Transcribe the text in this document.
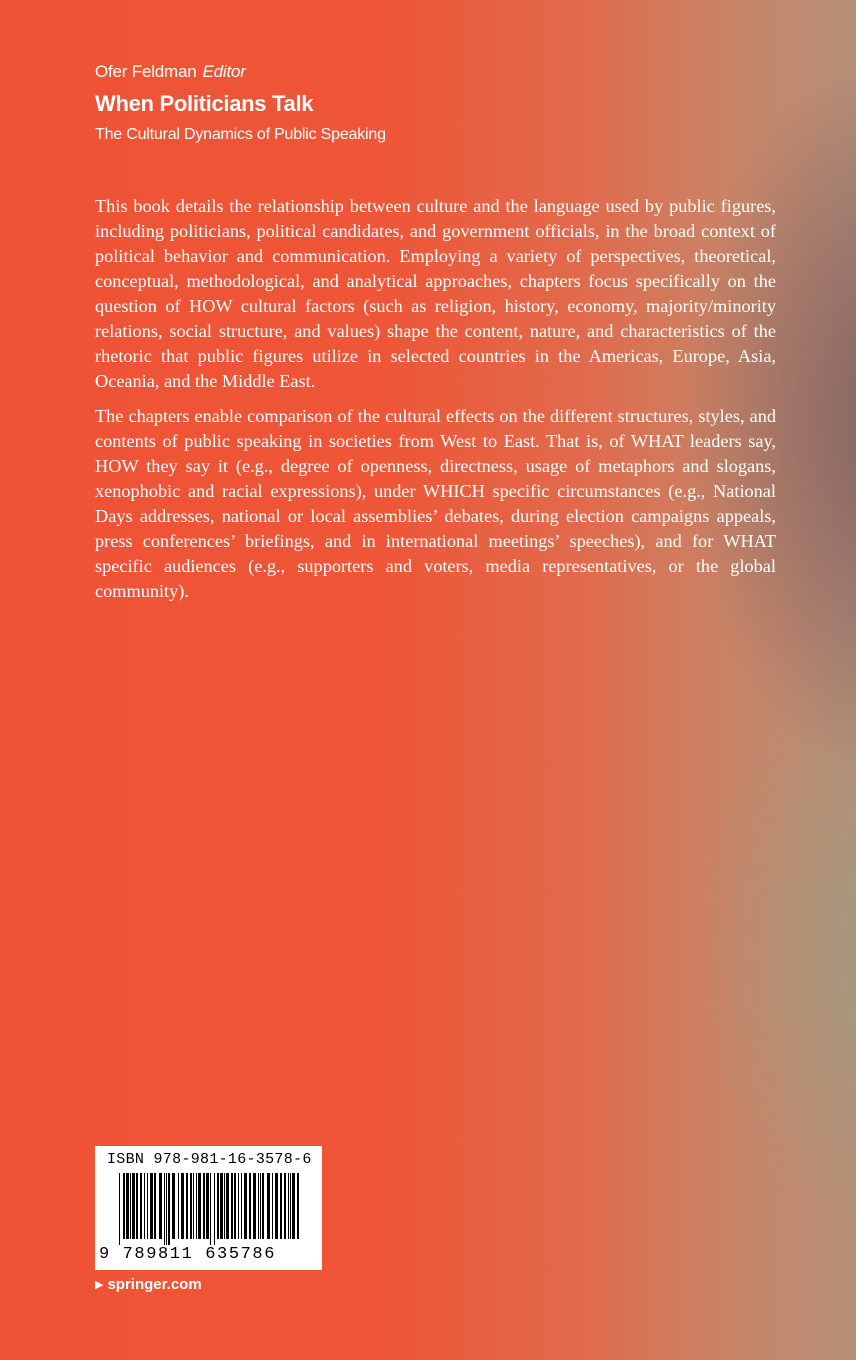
Ofer Feldman Editor
When Politicians Talk
The Cultural Dynamics of Public Speaking

This book details the relationship between culture and the language used by public figures, including politicians, political candidates, and government officials, in the broad context of political behavior and communication. Employing a variety of perspectives, theoretical, conceptual, methodological, and analytical approaches, chapters focus specifically on the question of HOW cultural factors (such as religion, history, economy, majority/minority relations, social structure, and values) shape the content, nature, and characteristics of the rhetoric that public figures utilize in selected countries in the Americas, Europe, Asia, Oceania, and the Middle East.

The chapters enable comparison of the cultural effects on the different structures, styles, and contents of public speaking in societies from West to East. That is, of WHAT leaders say, HOW they say it (e.g., degree of openness, directness, usage of metaphors and slogans, xenophobic and racial expressions), under WHICH specific circumstances (e.g., National Days addresses, national or local assemblies’ debates, during election campaigns appeals, press conferences’ briefings, and in international meetings’ speeches), and for WHAT specific audiences (e.g., supporters and voters, media representatives, or the global community).

ISBN 978-981-16-3578-6
9 789811 635786
▶ springer.com
